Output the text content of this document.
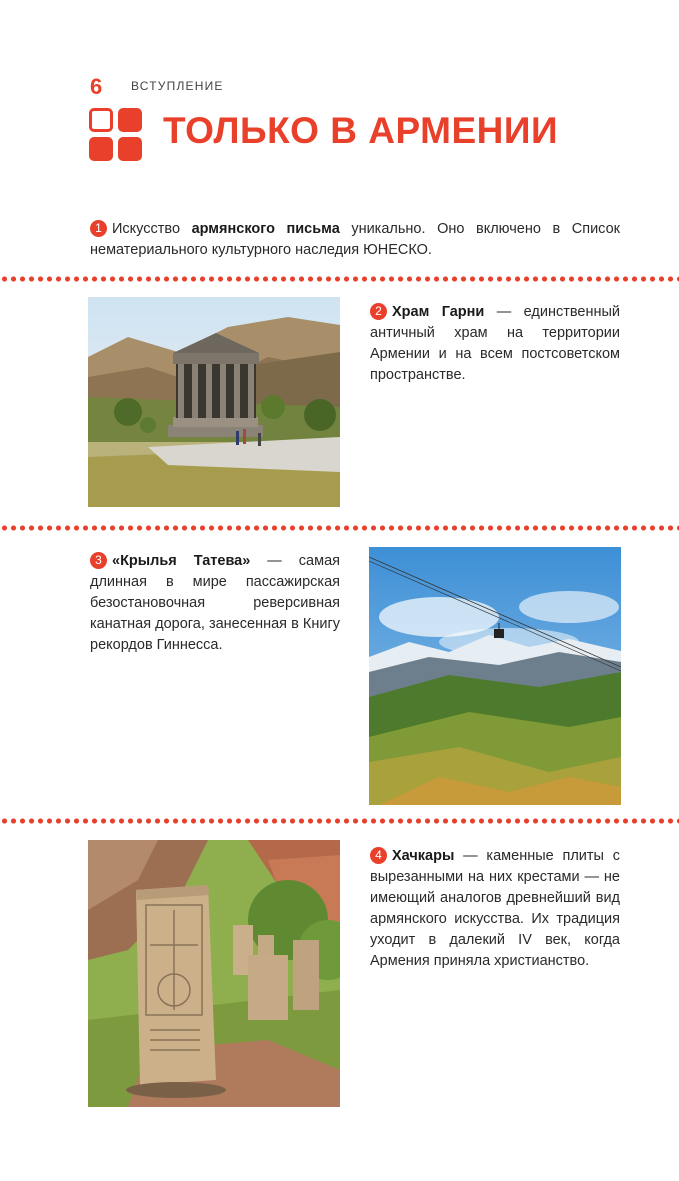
6 ВСТУПЛЕНИЕ
ТОЛЬКО В АРМЕНИИ
1 Искусство армянского письма уникально. Оно включено в Список нематериального культурного наследия ЮНЕСКО.
2 Храм Гарни — единственный античный храм на территории Армении и на всем постсоветском пространстве.
3 «Крылья Татева» — самая длинная в мире пассажирская безостановочная реверсивная канатная дорога, занесенная в Книгу рекордов Гиннесса.
4 Хачкары — каменные плиты с вырезанными на них крестами — не имеющий аналогов древнейший вид армянского искусства. Их традиция уходит в далекий IV век, когда Армения приняла христианство.
